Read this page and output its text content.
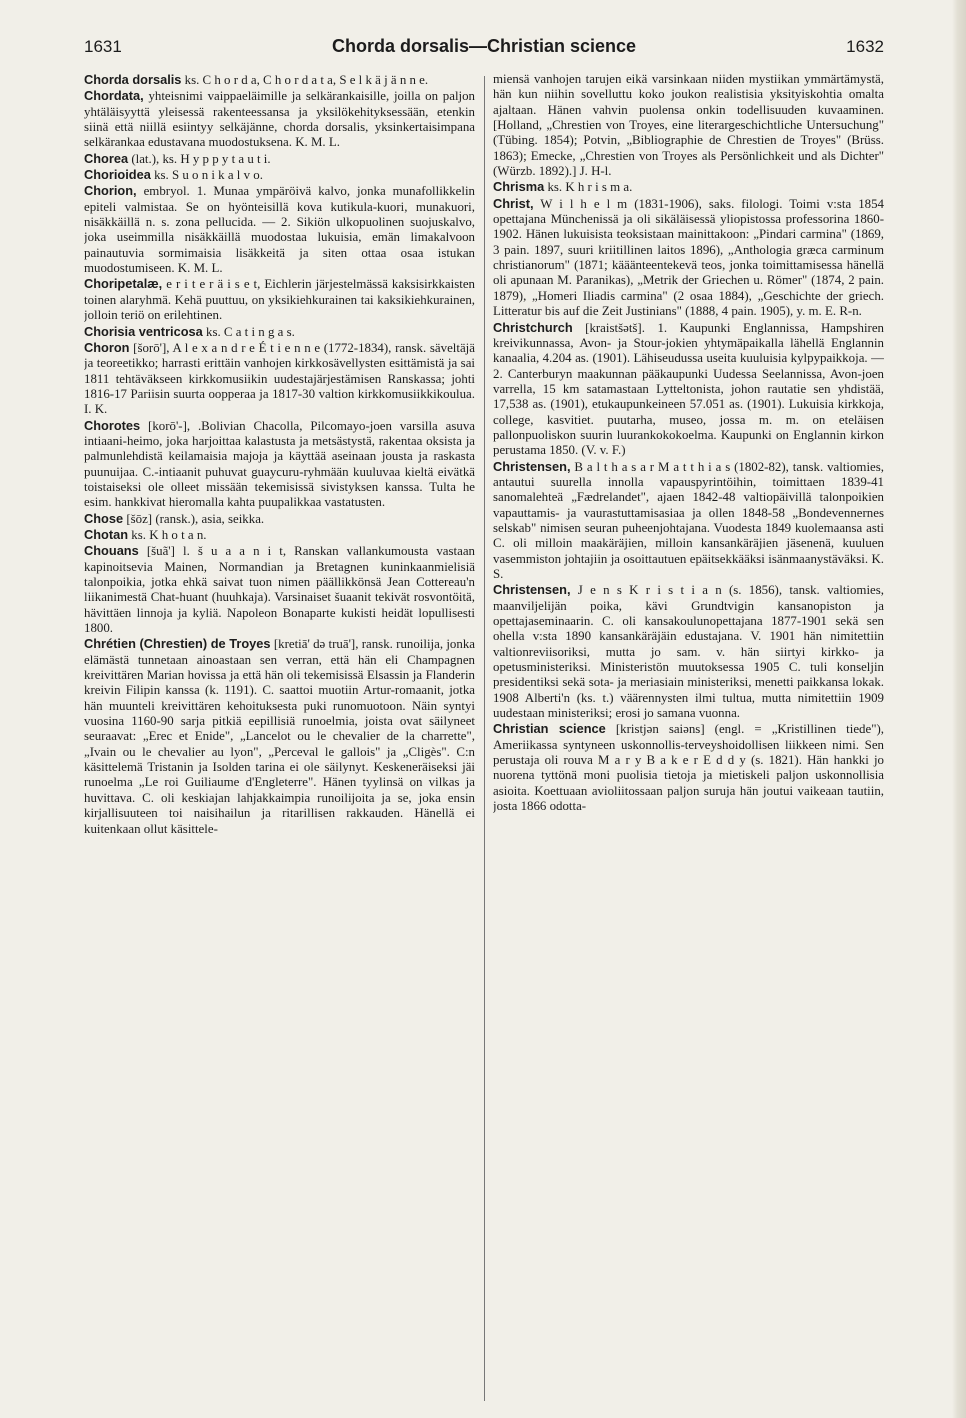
1631	Chorda dorsalis—Christian science	1632

Chorda dorsalis ks. C h o r d a, C h o r d a t a, S e l k ä j ä n n e.

Chordata, yhteisnimi vaippaeläimille ja selkärankaisille, joilla on paljon yhtäläisyyttä yleisessä rakenteessansa ja yksilökehityksessään, etenkin siinä että niillä esiintyy selkäjänne, chorda dorsalis, yksinkertaisimpana selkärankaa edustavana muodostuksena. K. M. L.

Chorea (lat.), ks. H y p p y t a u t i.

Chorioidea ks. S u o n i k a l v o.

Chorion, embryol. 1. Munaa ympäröivä kalvo, jonka munafollikkelin epiteli valmistaa. Se on hyönteisillä kova kutikula-kuori, munakuori, nisäkkäillä n. s. zona pellucida. — 2. Sikiön ulkopuolinen suojuskalvo, joka useimmilla nisäkkäillä muodostaa lukuisia, emän limakalvoon painautuvia sormimaisia lisäkkeitä ja siten ottaa osaa istukan muodostumiseen. K. M. L.

Choripetalæ, e r i t e r ä i s e t, Eichlerin järjestelmässä kaksisirkkaisten toinen alaryhmä. Kehä puuttuu, on yksikiehkurainen tai kaksikiehkurainen, jolloin teriö on erilehtinen.

Chorisia ventricosa ks. C a t i n g a s.

Choron [šorō'], A l e x a n d r e É t i e n n e (1772-1834), ransk. säveltäjä ja teoreetikko; harrasti erittäin vanhojen kirkkosävellysten esittämistä ja sai 1811 tehtäväkseen kirkkomusiikin uudestajärjestämisen Ranskassa; johti 1816-17 Pariisin suurta oopperaa ja 1817-30 valtion kirkkomusiikkikoulua. I. K.

Chorotes [korō'-], .Bolivian Chacolla, Pilcomayo-joen varsilla asuva intiaani-heimo, joka harjoittaa kalastusta ja metsästystä, rakentaa oksista ja palmunlehdistä keilamaisia majoja ja käyttää aseinaan jousta ja raskasta puunuijaa. C.-intiaanit puhuvat guaycuru-ryhmään kuuluvaa kieltä eivätkä toistaiseksi ole olleet missään tekemisissä sivistyksen kanssa. Tulta he esim. hankkivat hieromalla kahta puupalikkaa vastatusten.

Chose [šōz] (ransk.), asia, seikka.

Chotan ks. K h o t a n.

Chouans [šuã'] l. š u a a n i t, Ranskan vallankumousta vastaan kapinoitsevia Mainen, Normandian ja Bretagnen kuninkaanmielisiä talonpoikia, jotka ehkä saivat tuon nimen päällikkönsä Jean Cottereau'n liikanimestä Chat-huant (huuhkaja). Varsinaiset šuaanit tekivät rosvontöitä, hävittäen linnoja ja kyliä. Napoleon Bonaparte kukisti heidät lopullisesti 1800.

Chrétien (Chrestien) de Troyes [kretiā' də truā'], ransk. runoilija, jonka elämästä tunnetaan ainoastaan sen verran, että hän eli Champagnen kreivittären Marian hovissa ja että hän oli tekemisissä Elsassin ja Flanderin kreivin Filipin kanssa (k. 1191). C. saattoi muotiin Artur-romaanit, jotka hän muunteli kreivittären kehoituksesta puki runomuotoon. Näin syntyi vuosina 1160-90 sarja pitkiä eepillisiä runoelmia, joista ovat säilyneet seuraavat: „Erec et Enide", „Lancelot ou le chevalier de la charrette", „Ivain ou le chevalier au lyon", „Perceval le gallois" ja „Cligès". C:n käsittelemä Tristanin ja Isolden tarina ei ole säilynyt. Keskeneräiseksi jäi runoelma „Le roi Guiliaume d'Engleterre". Hänen tyylinsä on vilkas ja huvittava. C. oli keskiajan lahjakkaimpia runoilijoita ja se, joka ensin kirjallisuuteen toi naisihailun ja ritarillisen rakkauden. Hänellä ei kuitenkaan ollut käsittele-

miensä vanhojen tarujen eikä varsinkaan niiden mystiikan ymmärtämystä, hän kun niihin sovelluttu koko joukon realistisia yksityiskohtia omalta ajaltaan. Hänen vahvin puolensa onkin todellisuuden kuvaaminen. [Holland, „Chrestien von Troyes, eine literargeschichtliche Untersuchung" (Tübing. 1854); Potvin, „Bibliographie de Chrestien de Troyes" (Brüss. 1863); Emecke, „Chrestien von Troyes als Persönlichkeit und als Dichter" (Würzb. 1892).] J. H-l.

Chrisma ks. K h r i s m a.

Christ, W i l h e l m (1831-1906), saks. filologi. Toimi v:sta 1854 opettajana Münchenissä ja oli sikäläisessä yliopistossa professorina 1860-1902. Hänen lukuisista teoksistaan mainittakoon: „Pindari carmina" (1869, 3 pain. 1897, suuri kriitillinen laitos 1896), „Anthologia græca carminum christianorum" (1871; kääänteentekevä teos, jonka toimittamisessa hänellä oli apunaan M. Paranikas), „Metrik der Griechen u. Römer" (1874, 2 pain. 1879), „Homeri Iliadis carmina" (2 osaa 1884), „Geschichte der griech. Litteratur bis auf die Zeit Justinians" (1888, 4 pain. 1905), y. m. E. R-n.

Christchurch [kraistšətš]. 1. Kaupunki Englannissa, Hampshiren kreivikunnassa, Avon- ja Stour-jokien yhtymäpaikalla lähellä Englannin kanaalia, 4.204 as. (1901). Lähiseudussa useita kuuluisia kylpypaikkoja. — 2. Canterburyn maakunnan pääkaupunki Uudessa Seelannissa, Avon-joen varrella, 15 km satamastaan Lytteltonista, johon rautatie sen yhdistää, 17,538 as. (1901), etukaupunkeineen 57.051 as. (1901). Lukuisia kirkkoja, college, kasvitiet. puutarha, museo, jossa m. m. on eteläisen pallonpuoliskon suurin luurankokokoelma. Kaupunki on Englannin kirkon perustama 1850. (V. v. F.)

Christensen, B a l t h a s a r M a t t h i a s (1802-82), tansk. valtiomies, antautui suurella innolla vapauspyrintöihin, toimittaen 1839-41 sanomalehteä „Fædrelandet", ajaen 1842-48 valtiopäivillä talonpoikien vapauttamis- ja vaurastuttamisasiaa ja ollen 1848-58 „Bondevennernes selskab" nimisen seuran puheenjohtajana. Vuodesta 1849 kuolemaansa asti C. oli milloin maakäräjien, milloin kansankäräjien jäsenenä, kuuluen vasemmiston johtajiin ja osoittautuen epäitsekkääksi isänmaanystäväksi. K. S.

Christensen, J e n s K r i s t i a n (s. 1856), tansk. valtiomies, maanviljelijän poika, kävi Grundtvigin kansanopiston ja opettajaseminaarin. C. oli kansakoulunopettajana 1877-1901 sekä sen ohella v:sta 1890 kansankäräjäin edustajana. V. 1901 hän nimitettiin valtionreviisoriksi, mutta jo sam. v. hän siirtyi kirkko- ja opetusministeriksi. Ministeristön muutoksessa 1905 C. tuli konseljin presidentiksi sekä sota- ja meriasiain ministeriksi, menetti paikkansa lokak. 1908 Alberti'n (ks. t.) väärennysten ilmi tultua, mutta nimitettiin 1909 uudestaan ministeriksi; erosi jo samana vuonna.

Christian science [kristjən saiəns] (engl. = „Kristillinen tiede"), Ameriikassa syntyneen uskonnollis-terveyshoidollisen liikkeen nimi. Sen perustaja oli rouva M a r y B a k e r E d d y (s. 1821). Hän hankki jo nuorena tyttönä moni puolisia tietoja ja mietiskeli paljon uskonnollisia asioita. Koettuaan avioliitossaan paljon suruja hän joutui vaikeaan tautiin, josta 1866 odotta-
